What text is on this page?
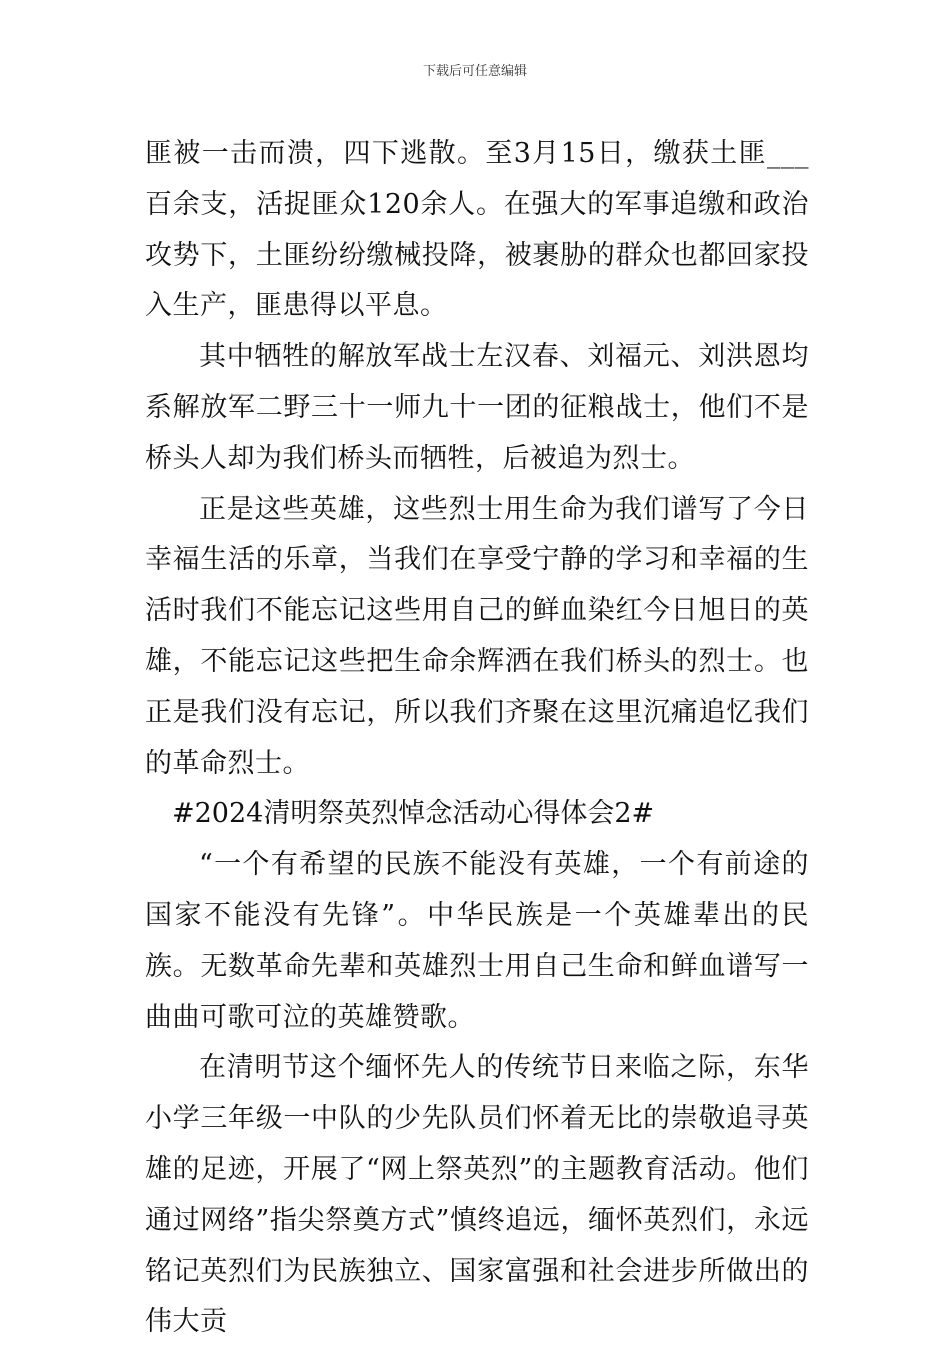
下载后可任意编辑

匪被一击而溃，四下逃散。至3月15日，缴获土匪___百余支，活捉匪众120余人。在强大的军事追缴和政治攻势下，土匪纷纷缴械投降，被裹胁的群众也都回家投入生产，匪患得以平息。

其中牺牲的解放军战士左汉春、刘福元、刘洪恩均系解放军二野三十一师九十一团的征粮战士，他们不是桥头人却为我们桥头而牺牲，后被追为烈士。

正是这些英雄，这些烈士用生命为我们谱写了今日幸福生活的乐章，当我们在享受宁静的学习和幸福的生活时我们不能忘记这些用自己的鲜血染红今日旭日的英雄，不能忘记这些把生命余辉洒在我们桥头的烈士。也正是我们没有忘记，所以我们齐聚在这里沉痛追忆我们的革命烈士。

#2024清明祭英烈悼念活动心得体会2#

“一个有希望的民族不能没有英雄，一个有前途的国家不能没有先锋”。中华民族是一个英雄辈出的民族。无数革命先辈和英雄烈士用自己生命和鲜血谱写一曲曲可歌可泣的英雄赞歌。

在清明节这个缅怀先人的传统节日来临之际，东华小学三年级一中队的少先队员们怀着无比的崇敬追寻英雄的足迹，开展了“网上祭英烈”的主题教育活动。他们通过网络”指尖祭奠方式”慎终追远，缅怀英烈们，永远铭记英烈们为民族独立、国家富强和社会进步所做出的伟大贡
